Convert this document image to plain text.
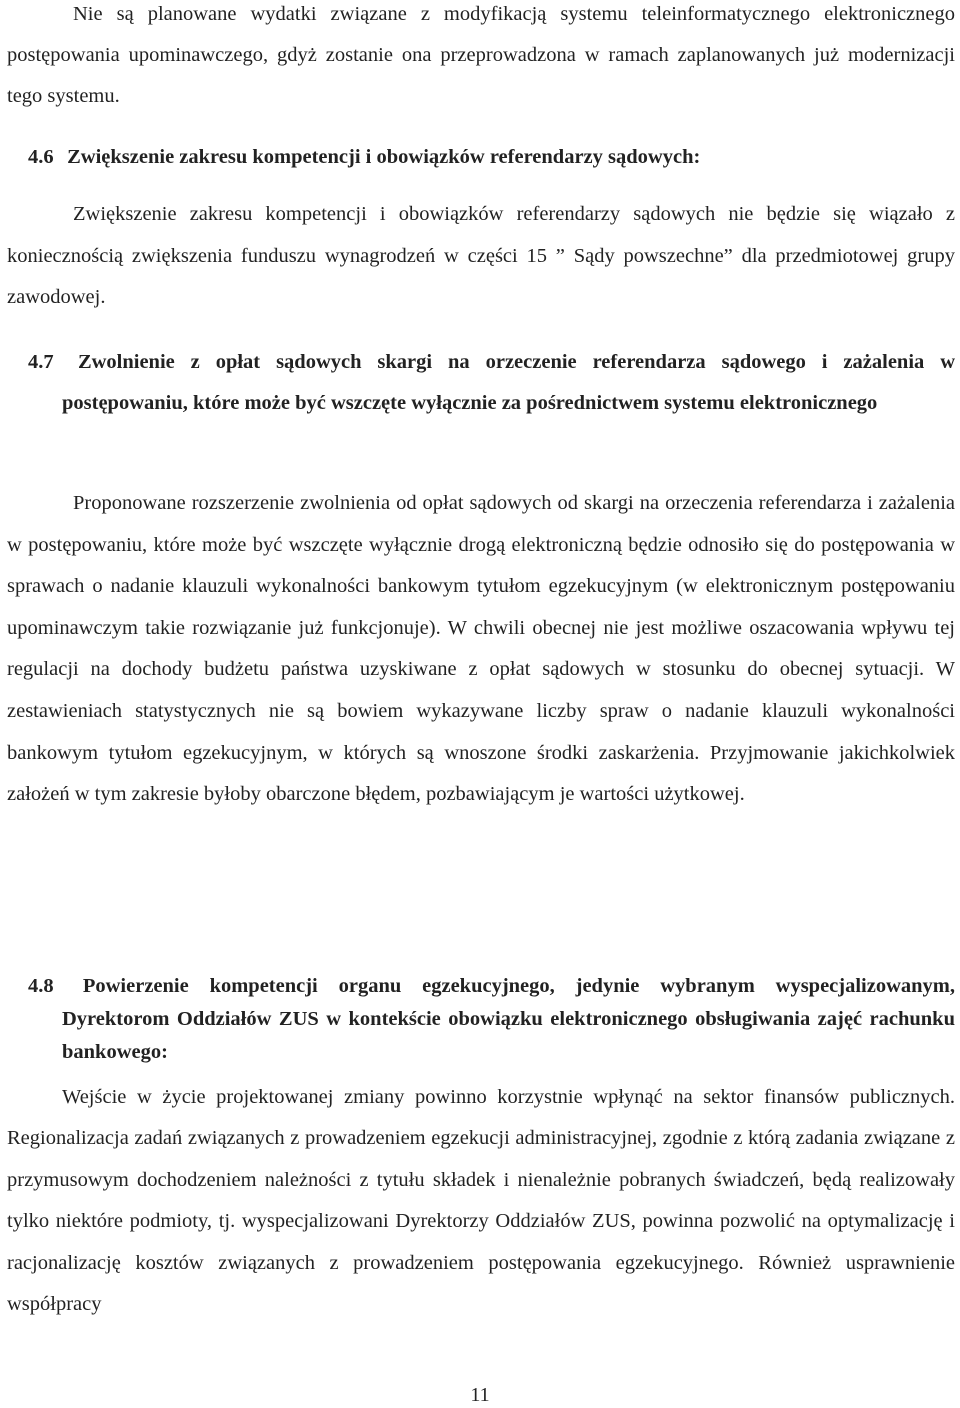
Nie są planowane wydatki związane z modyfikacją systemu teleinformatycznego elektronicznego postępowania upominawczego, gdyż zostanie ona przeprowadzona w ramach zaplanowanych już modernizacji tego systemu.

4.6 Zwiększenie zakresu kompetencji i obowiązków referendarzy sądowych:

Zwiększenie zakresu kompetencji i obowiązków referendarzy sądowych nie będzie się wiązało z koniecznością zwiększenia funduszu wynagrodzeń w części 15 ” Sądy powszechne” dla przedmiotowej grupy zawodowej.

4.7 Zwolnienie z opłat sądowych skargi na orzeczenie referendarza sądowego i zażalenia w postępowaniu, które może być wszczęte wyłącznie za pośrednictwem systemu elektronicznego

Proponowane rozszerzenie zwolnienia od opłat sądowych od skargi na orzeczenia referendarza i zażalenia w postępowaniu, które może być wszczęte wyłącznie drogą elektroniczną będzie odnosiło się do postępowania w sprawach o nadanie klauzuli wykonalności bankowym tytułom egzekucyjnym (w elektronicznym postępowaniu upominawczym takie rozwiązanie już funkcjonuje). W chwili obecnej nie jest możliwe oszacowania wpływu tej regulacji na dochody budżetu państwa uzyskiwane z opłat sądowych w stosunku do obecnej sytuacji. W zestawieniach statystycznych nie są bowiem wykazywane liczby spraw o nadanie klauzuli wykonalności bankowym tytułom egzekucyjnym, w których są wnoszone środki zaskarżenia. Przyjmowanie jakichkolwiek założeń w tym zakresie byłoby obarczone błędem, pozbawiającym je wartości użytkowej.

4.8 Powierzenie kompetencji organu egzekucyjnego, jedynie wybranym wyspecjalizowanym, Dyrektorom Oddziałów ZUS w kontekście obowiązku elektronicznego obsługiwania zajęć rachunku bankowego:

Wejście w życie projektowanej zmiany powinno korzystnie wpłynąć na sektor finansów publicznych. Regionalizacja zadań związanych z prowadzeniem egzekucji administracyjnej, zgodnie z którą zadania związane z przymusowym dochodzeniem należności z tytułu składek i nienależnie pobranych świadczeń, będą realizowały tylko niektóre podmioty, tj. wyspecjalizowani Dyrektorzy Oddziałów ZUS, powinna pozwolić na optymalizację i racjonalizację kosztów związanych z prowadzeniem postępowania egzekucyjnego. Również usprawnienie współpracy

11
